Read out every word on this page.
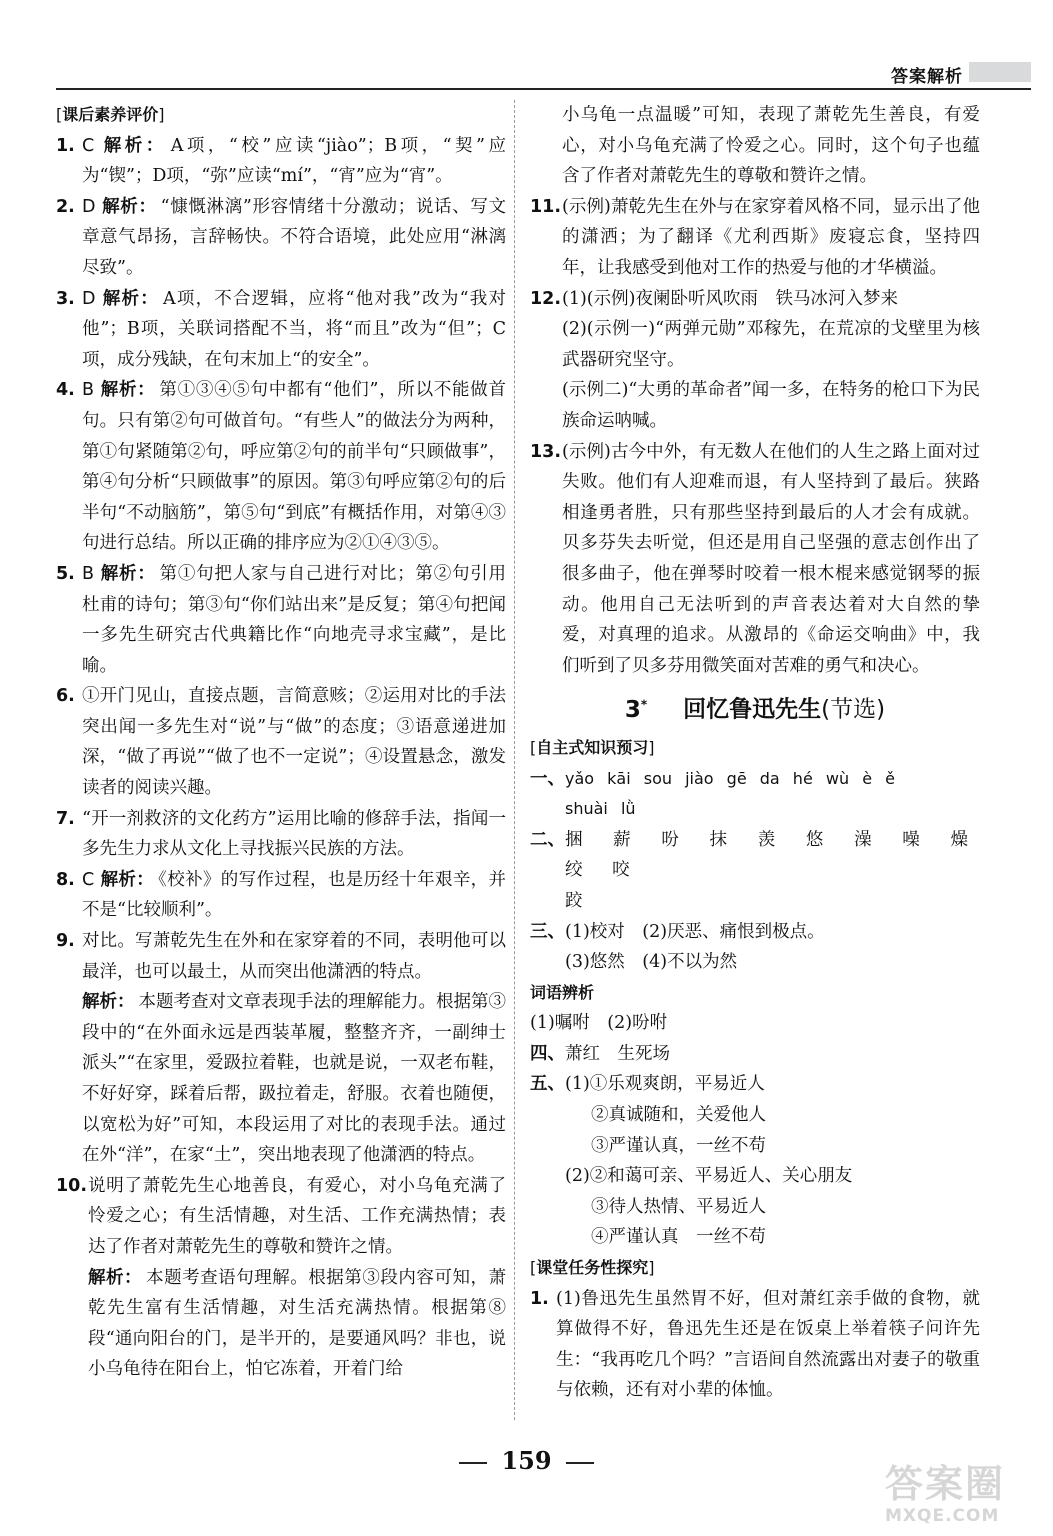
答案解析
[课后素养评价]
1. C 解析： A项，“校”应读“jiào”；B项，“契”应为“锲”；D项，“弥”应读“mí”，“宵”应为“宵”。
2. D 解析： “慷慨淋漓”形容情绪十分激动；说话、写文章意气昂扬，言辞畅快。不符合语境，此处应用“淋漓尽致”。
3. D 解析： A项，不合逻辑，应将“他对我”改为“我对他”；B项，关联词搭配不当，将“而且”改为“但”；C项，成分残缺，在句末加上“的安全”。
4. B 解析： 第①③④⑤句中都有“他们”，所以不能做首句。只有第②句可做首句。“有些人”的做法分为两种，第①句紧随第②句，呼应第②句的前半句“只顾做事”，第④句分析“只顾做事”的原因。第③句呼应第②句的后半句“不动脑筋”，第⑤句“到底”有概括作用，对第④③句进行总结。所以正确的排序应为②①④③⑤。
5. B 解析： 第①句把人家与自己进行对比；第②句引用杜甫的诗句；第③句“你们站出来”是反复；第④句把闻一多先生研究古代典籍比作“向地壳寻求宝藏”，是比喻。
6. ①开门见山，直接点题，言简意赅；②运用对比的手法突出闻一多先生对“说”与“做”的态度；③语意递进加深，“做了再说”“做了也不一定说”；④设置悬念，激发读者的阅读兴趣。
7. “开一剂救济的文化药方”运用比喻的修辞手法，指闻一多先生力求从文化上寻找振兴民族的方法。
8. C 解析： 《校补》的写作过程，也是历经十年艰辛，并不是“比较顺利”。
9. 对比。写萧乾先生在外和在家穿着的不同，表明他可以最洋，也可以最土，从而突出他潇洒的特点。
解析： 本题考查对文章表现手法的理解能力。根据第③段中的“在外面永远是西装革履，整整齐齐，一副绅士派头”“在家里，爱趿拉着鞋，也就是说，一双老布鞋，不好好穿，踩着后帮，趿拉着走，舒服。衣着也随便，以宽松为好”可知，本段运用了对比的表现手法。通过在外“洋”，在家“土”，突出地表现了他潇洒的特点。
10. 说明了萧乾先生心地善良，有爱心，对小乌龟充满了怜爱之心；有生活情趣，对生活、工作充满热情；表达了作者对萧乾先生的尊敬和赞许之情。
解析： 本题考查语句理解。根据第③段内容可知，萧乾先生富有生活情趣，对生活充满热情。根据第⑧段“通向阳台的门，是半开的，是要通风吗？非也，说小乌龟待在阳台上，怕它冻着，开着门给
小乌龟一点温暖”可知，表现了萧乾先生善良，有爱心，对小乌龟充满了怜爱之心。同时，这个句子也蕴含了作者对萧乾先生的尊敬和赞许之情。
11. (示例)萧乾先生在外与在家穿着风格不同，显示出了他的潇洒；为了翻译《尤利西斯》废寝忘食，坚持四年，让我感受到他对工作的热爱与他的才华横溢。
12. (1)(示例)夜阑卧听风吹雨　铁马冰河入梦来
(2)(示例一)“两弹元勋”邓稼先，在荒凉的戈壁里为核武器研究坚守。
(示例二)“大勇的革命者”闻一多，在特务的枪口下为民族命运呐喊。
13. (示例)古今中外，有无数人在他们的人生之路上面对过失败。他们有人迎难而退，有人坚持到了最后。狭路相逢勇者胜，只有那些坚持到最后的人才会有成就。贝多芬失去听觉，但还是用自己坚强的意志创作出了很多曲子，他在弹琴时咬着一根木棍来感觉钢琴的振动。他用自己无法听到的声音表达着对大自然的挚爱，对真理的追求。从激昂的《命运交响曲》中，我们听到了贝多芬用微笑面对苦难的勇气和决心。
3* 回忆鲁迅先生(节选)
[自主式知识预习]
一、 yǎo kāi sou jiào gē da hé wù è ě
shuài lǜ
二、 捆 薪 吩 抹 羡 悠 澡 噪 燥 绞 咬
跤
三、 (1)校对　(2)厌恶、痛恨到极点。
(3)悠然　(4)不以为然
词语辨析
(1)嘱咐　(2)吩咐
四、 萧红　生死场
五、 (1)①乐观爽朗，平易近人
②真诚随和，关爱他人
③严谨认真，一丝不苟
(2)②和蔼可亲、平易近人、关心朋友
③待人热情、平易近人
④严谨认真　一丝不苟
[课堂任务性探究]
1. (1)鲁迅先生虽然胃不好，但对萧红亲手做的食物，就算做得不好，鲁迅先生还是在饭桌上举着筷子问许先生：“我再吃几个吗？”言语间自然流露出对妻子的敬重与依赖，还有对小辈的体恤。
159
答案圈
MXQE.COM
